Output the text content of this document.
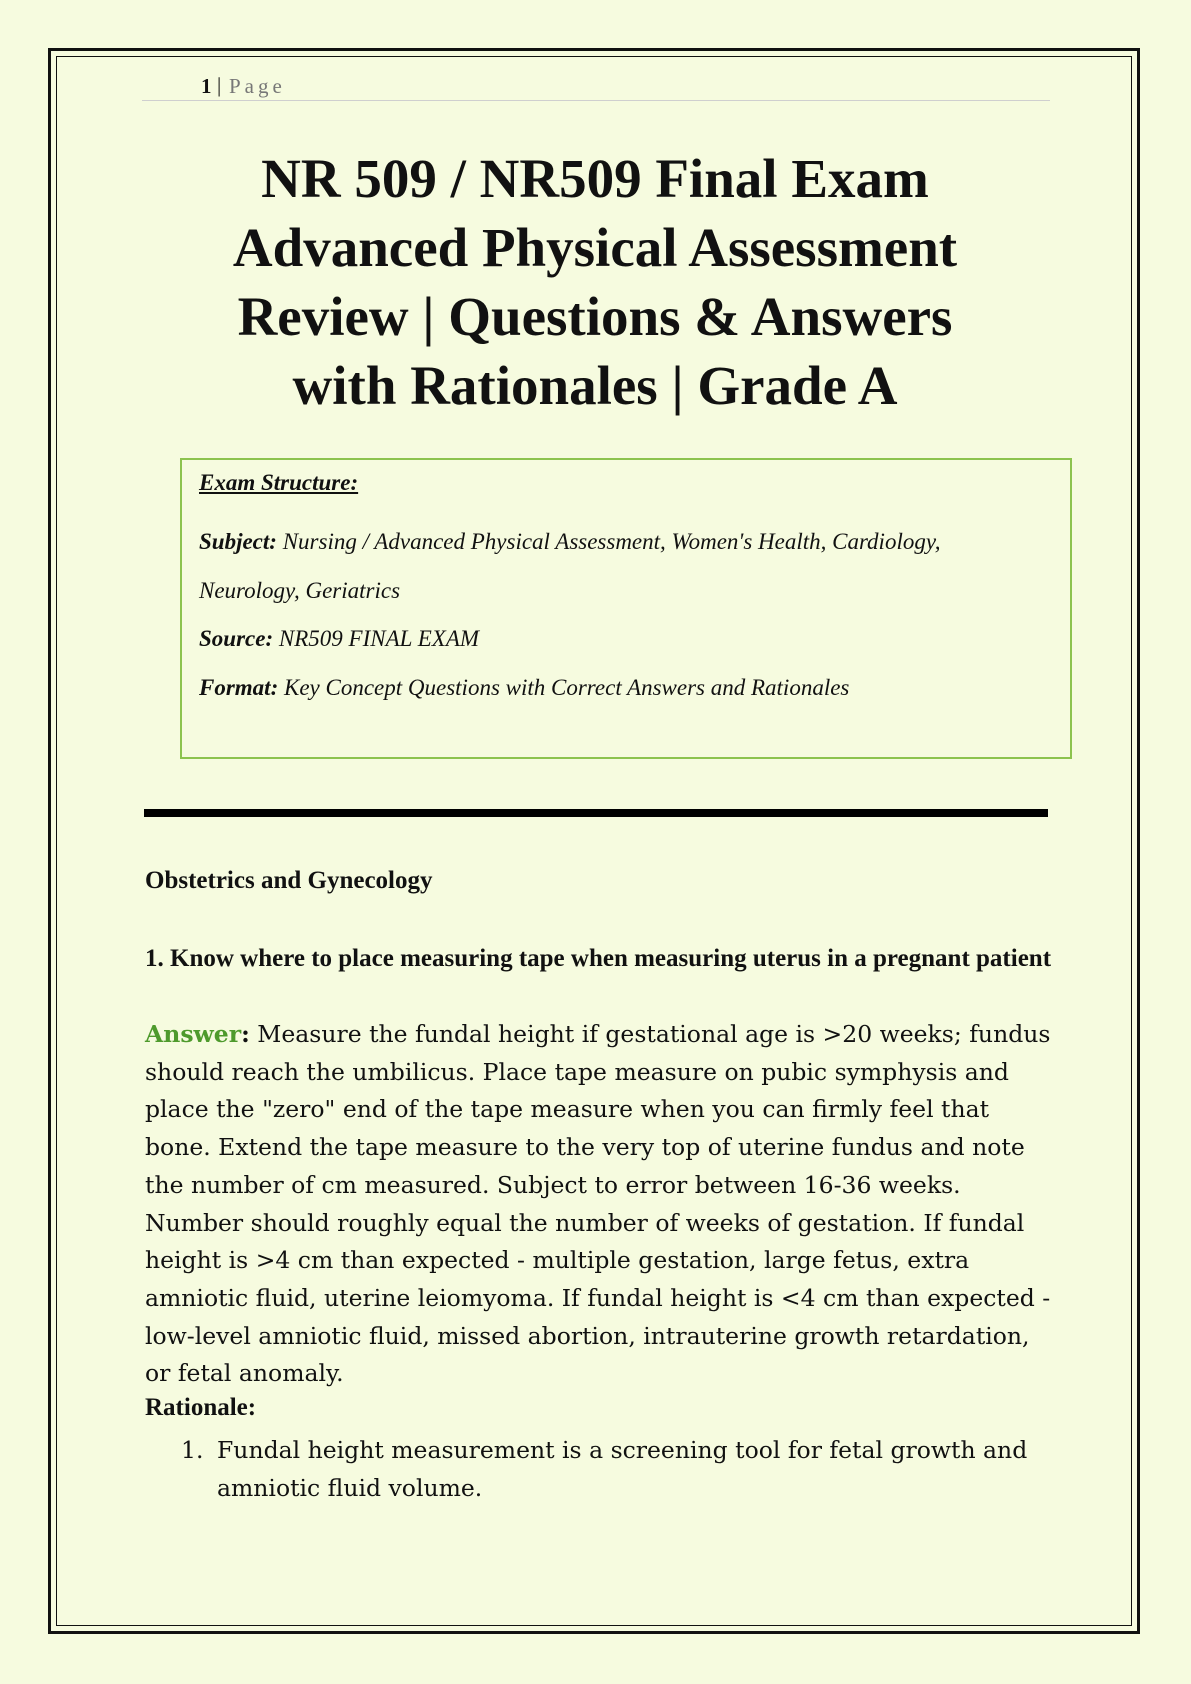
1 | Page
NR 509 / NR509 Final Exam
Advanced Physical Assessment
Review | Questions & Answers
with Rationales | Grade A
Exam Structure:
Subject: Nursing / Advanced Physical Assessment, Women's Health, Cardiology,
Neurology, Geriatrics
Source: NR509 FINAL EXAM
Format: Key Concept Questions with Correct Answers and Rationales
Obstetrics and Gynecology
1. Know where to place measuring tape when measuring uterus in a pregnant patient
Answer: Measure the fundal height if gestational age is >20 weeks; fundus should reach the umbilicus. Place tape measure on pubic symphysis and place the "zero" end of the tape measure when you can firmly feel that bone. Extend the tape measure to the very top of uterine fundus and note the number of cm measured. Subject to error between 16-36 weeks. Number should roughly equal the number of weeks of gestation. If fundal height is >4 cm than expected - multiple gestation, large fetus, extra amniotic fluid, uterine leiomyoma. If fundal height is <4 cm than expected - low-level amniotic fluid, missed abortion, intrauterine growth retardation, or fetal anomaly.
Rationale:
1. Fundal height measurement is a screening tool for fetal growth and amniotic fluid volume.
